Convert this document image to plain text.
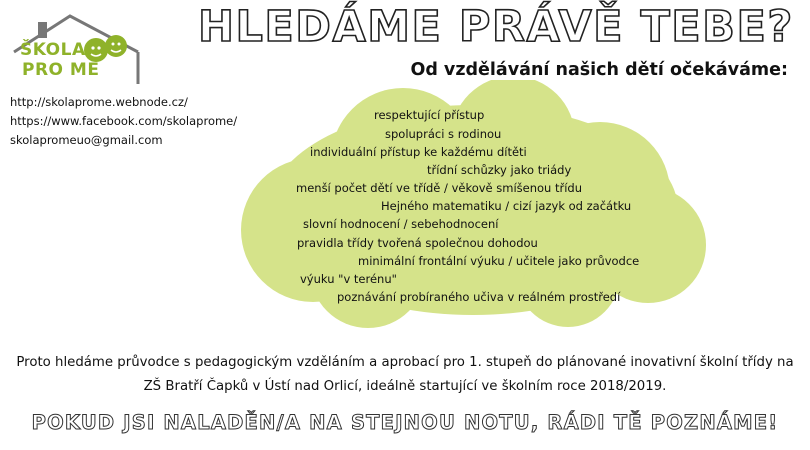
ŠKOLA
PRO MĚ
HLEDÁME PRÁVĚ TEBE?
Od vzdělávání našich dětí očekáváme:
http://skolaprome.webnode.cz/
https://www.facebook.com/skolaprome/
skolapromeuo@gmail.com
respektující přístup
spolupráci s rodinou
individuální přístup ke každému dítěti
třídní schůzky jako triády
menší počet dětí ve třídě / věkově smíšenou třídu
Hejného matematiku / cizí jazyk od začátku
slovní hodnocení / sebehodnocení
pravidla třídy tvořená společnou dohodou
minimální frontální výuku / učitele jako průvodce
výuku "v terénu"
poznávání probíraného učiva v reálném prostředí
Proto hledáme průvodce s pedagogickým vzděláním a aprobací pro 1. stupeň do plánované inovativní školní třídy na
ZŠ Bratří Čapků v Ústí nad Orlicí, ideálně startující ve školním roce 2018/2019.
POKUD JSI NALADĚN/A NA STEJNOU NOTU, RÁDI TĚ POZNÁME!
